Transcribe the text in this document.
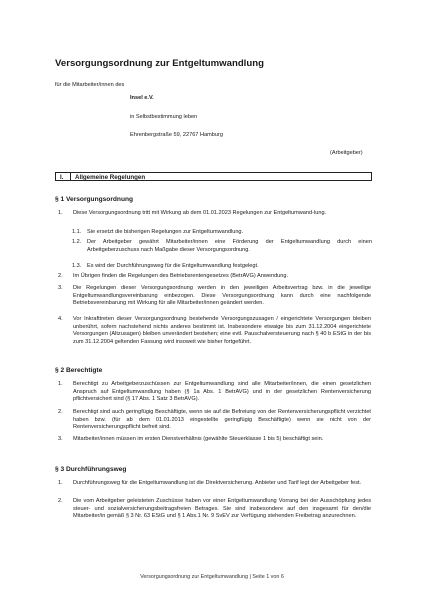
Versorgungsordnung zur Entgeltumwandlung
für die Mitarbeiter/innen des
Insel e.V.
in Selbstbestimmung leben
Ehrenbergstraße 59, 22767 Hamburg
(Arbeitgeber)
I. Allgemeine Regelungen
§ 1 Versorgungsordnung
1. Diese Versorgungsordnung tritt mit Wirkung ab dem 01.01.2023 Regelungen zur Entgeltumwand-lung.
1.1. Sie ersetzt die bisherigen Regelungen zur Entgeltumwandlung.
1.2. Der Arbeitgeber gewährt Mitarbeiter/innen eine Förderung der Entgeltumwandlung durch einen Arbeitgeberzuschuss nach Maßgabe dieser Versorgungsordnung.
1.3. Es wird der Durchführungsweg für die Entgeltumwandlung festgelegt.
2. Im Übrigen finden die Regelungen des Betriebsrentengesetzes (BetrAVG) Anwendung.
3. Die Regelungen dieser Versorgungsordnung werden in den jeweiligen Arbeitsvertrag bzw. in die jeweilige Entgeltumwandlungsvereinbarung einbezogen. Diese Versorgungsordnung kann durch eine nachfolgende Betriebsvereinbarung mit Wirkung für alle Mitarbeiter/innen geändert werden.
4. Vor Inkrafttreten dieser Versorgungsordnung bestehende Versorgungszusagen / eingerichtete Versorgungen bleiben unberührt, sofern nachstehend nichts anderes bestimmt ist. Insbesondere etwaige bis zum 31.12.2004 eingerichtete Versorgungen (Altzusagen) bleiben unverändert bestehen; eine evtl. Pauschalversteuerung nach § 40 b EStG in der bis zum 31.12.2004 geltenden Fassung wird insoweit wie bisher fortgeführt.
§ 2 Berechtigte
1. Berechtigt zu Arbeitgeberzuschüssen zur Entgeltumwandlung sind alle Mitarbeiter/innen, die einen gesetzlichen Anspruch auf Entgeltumwandlung haben (§ 1a Abs. 1 BetrAVG) und in der gesetzlichen Rentenversicherung pflichtversichert sind (§ 17 Abs. 1 Satz 3 BetrAVG).
2. Berechtigt sind auch geringfügig Beschäftigte, wenn sie auf die Befreiung von der Rentenversicherungspflicht verzichtet haben bzw. (für ab dem 01.01.2013 eingestellte geringfügig Beschäftigte) wenn sie nicht von der Rentenversicherungspflicht befreit sind.
3. Mitarbeiter/innen müssen im ersten Dienstverhältnis (gewählte Steuerklasse 1 bis 5) beschäftigt sein.
§ 3 Durchführungsweg
1. Durchführungsweg für die Entgeltumwandlung ist die Direktversicherung. Anbieter und Tarif legt der Arbeitgeber fest.
2. Die vom Arbeitgeber geleisteten Zuschüsse haben vor einer Entgeltumwandlung Vorrang bei der Ausschöpfung jedes steuer- und sozialversicherungsbeitragsfreien Betrages. Sie sind insbesondere auf den insgesamt für den/die Mitarbeiter/in gemäß § 3 Nr. 63 EStG und § 1 Abs.1 Nr. 9 SvEV zur Verfügung stehenden Freibetrag anzurechnen.
Versorgungsordnung zur Entgeltumwandlung | Seite 1 von 6
